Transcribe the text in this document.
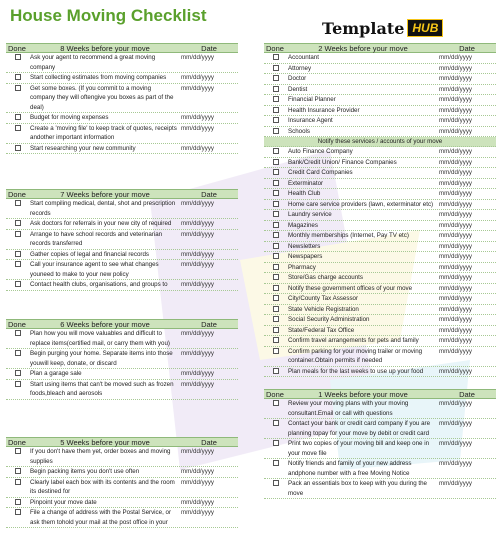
House Moving Checklist
Template HUB
Done	8 Weeks before your move	Date
Ask your agent to recommend a great moving company
mm/dd/yyyy
Start collecting estimates from moving companies	mm/dd/yyyy
Get some boxes. (If you commit to a moving company they will oftengive you boxes as part of the deal)
mm/dd/yyyy
Budget for moving expenses	mm/dd/yyyy
Create a 'moving file' to keep track of quotes, receipts andother important information
mm/dd/yyyy
Start researching your new community	mm/dd/yyyy
Done	7 Weeks before your move	Date
Start compiling medical, dental, shot and prescription records
mm/dd/yyyy
Ask doctors for referrals in your new city of required	mm/dd/yyyy
Arrange to have school records and veterinarian records transferred
mm/dd/yyyy
Gather copies of legal and financial records	mm/dd/yyyy
Call your insurance agent to see what changes youneed to make to your new policy
mm/dd/yyyy
Contact health clubs, organisations, and groups to	mm/dd/yyyy
Done	6 Weeks before your move	Date
Plan how you will move valuables and difficult to replace items(certified mail, or carry them with you)
mm/dd/yyyy
Begin purging your home. Separate items into those youwill keep, donate, or discard
mm/dd/yyyy
Plan a garage sale	mm/dd/yyyy
Start using items that can't be moved such as frozen foods,bleach and aerosols
mm/dd/yyyy
Done	5 Weeks before your move	Date
If you don't have them yet, order boxes and moving supplies
mm/dd/yyyy
Begin packing items you don't use often	mm/dd/yyyy
Clearly label each box with its contents and the room its destined for
mm/dd/yyyy
Pinpoint your move date	mm/dd/yyyy
File a change of address with the Postal Service, or ask them tohold your mail at the post office in your
mm/dd/yyyy
Done	2 Weeks before your move	Date
Accountant	mm/dd/yyyy
Attorney	mm/dd/yyyy
Doctor	mm/dd/yyyy
Dentist	mm/dd/yyyy
Financial Planner	mm/dd/yyyy
Health Insurance Provider	mm/dd/yyyy
Insurance Agent	mm/dd/yyyy
Schools	mm/dd/yyyy
Notify these services / accounts of your move
Auto Finance Company	mm/dd/yyyy
Bank/Credit Union/ Finance Companies	mm/dd/yyyy
Credit Card Companies	mm/dd/yyyy
Exterminator	mm/dd/yyyy
Health Club	mm/dd/yyyy
Home care service providers (lawn, exterminator etc) mm/dd/yyyy
Laundry service	mm/dd/yyyy
Magazines	mm/dd/yyyy
Monthly memberships (Internet, Pay TV etc)	mm/dd/yyyy
Newsletters	mm/dd/yyyy
Newspapers	mm/dd/yyyy
Pharmacy	mm/dd/yyyy
Store/Gas charge accounts	mm/dd/yyyy
Notify these government offices of your move	mm/dd/yyyy
City/County Tax Assessor	mm/dd/yyyy
State Vehicle Registration	mm/dd/yyyy
Social Security Administration	mm/dd/yyyy
State/Federal Tax Office	mm/dd/yyyy
Confirm travel arrangements for pets and family	mm/dd/yyyy
Confirm parking for your moving trailer or moving container.Obtain permits if needed
mm/dd/yyyy
Plan meals for the last weeks to use up your food	mm/dd/yyyy
Done	1 Weeks before your move	Date
Review your moving plans with your moving consultant.Email or call with questions
mm/dd/yyyy
Contact your bank or credit card company if you are planning topay for your move by debit or credit card
mm/dd/yyyy
Print two copies of your moving bill and keep one in your move file
mm/dd/yyyy
Notify friends and family of your new address andphone number with a free Moving Notice
mm/dd/yyyy
Pack an essentials box to keep with you during the move
mm/dd/yyyy
